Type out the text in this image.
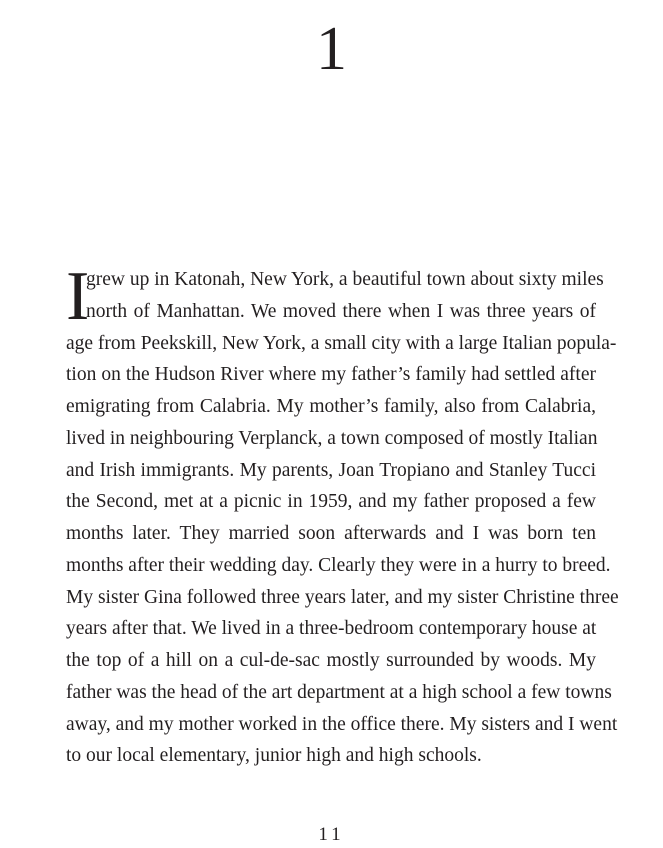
1
I
grew up in Katonah, New York, a beautiful town about sixty miles
north of Manhattan. We moved there when I was three years of
age from Peekskill, New York, a small city with a large Italian popula-
tion on the Hudson River where my father’s family had settled after
emigrating from Calabria. My mother’s family, also from Calabria,
lived in neighbouring Verplanck, a town composed of mostly Italian
and Irish immigrants. My parents, Joan Tropiano and Stanley Tucci
the Second, met at a picnic in 1959, and my father proposed a few
months later. They married soon afterwards and I was born ten
months after their wedding day. Clearly they were in a hurry to breed.
My sister Gina followed three years later, and my sister Christine three
years after that. We lived in a three-bedroom contemporary house at
the top of a hill on a cul-de-sac mostly surrounded by woods. My
father was the head of the art department at a high school a few towns
away, and my mother worked in the office there. My sisters and I went
to our local elementary, junior high and high schools.
11
